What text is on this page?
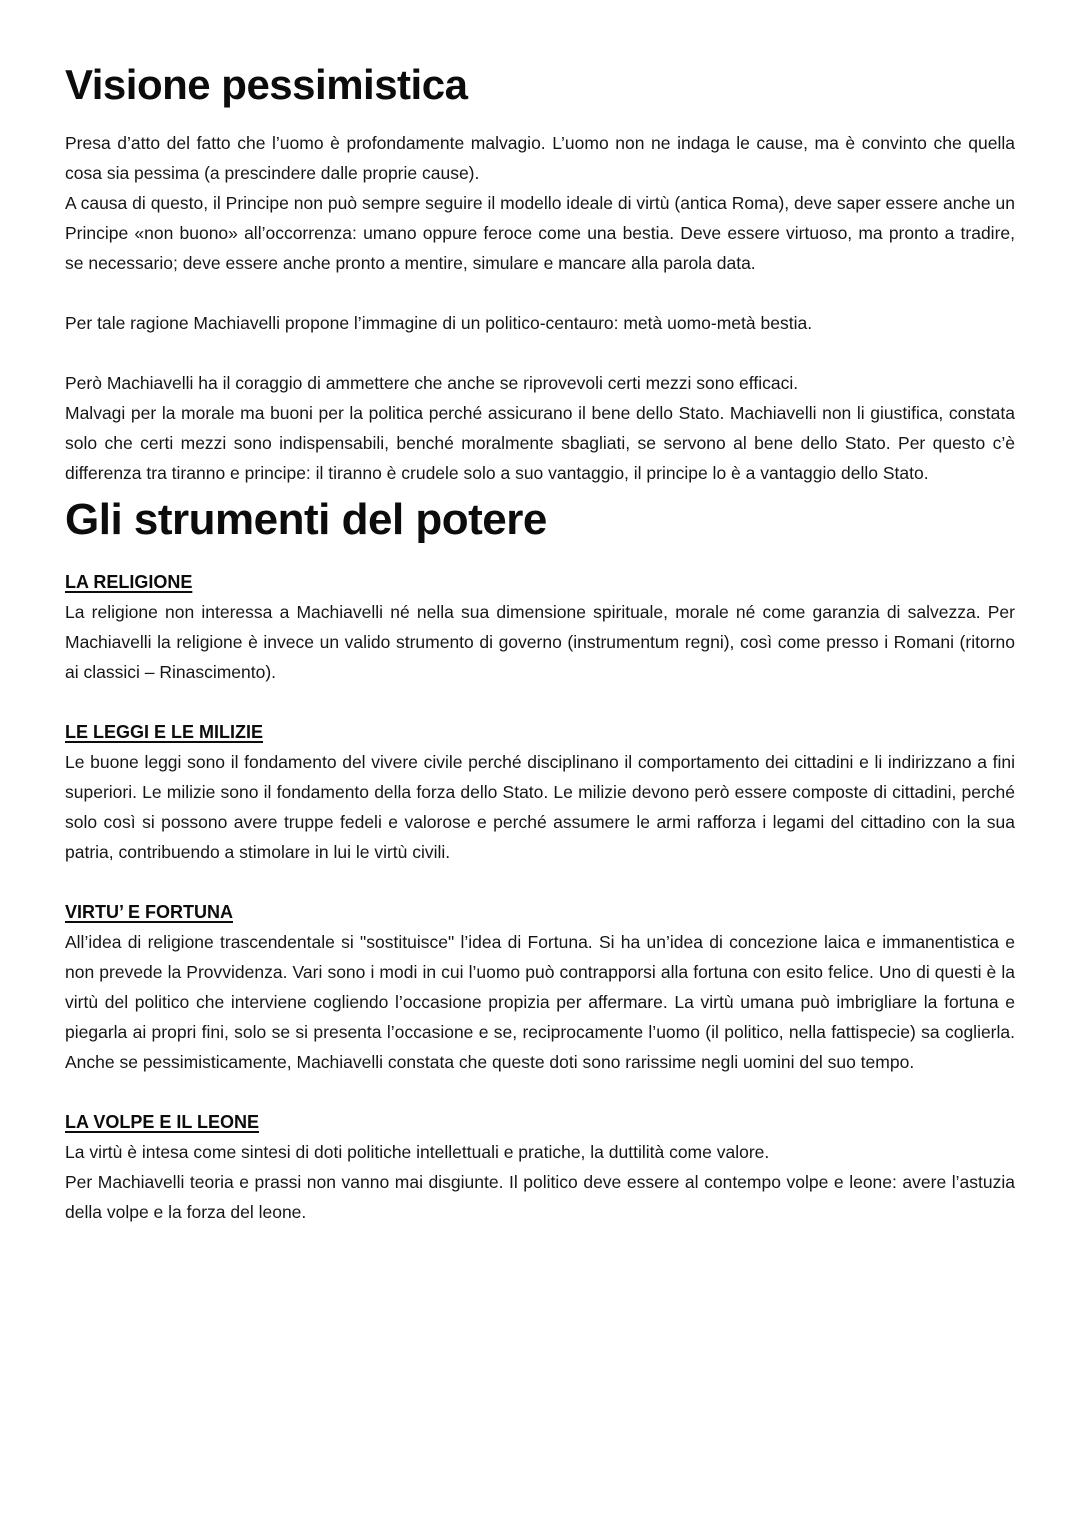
Visione pessimistica

Presa d’atto del fatto che l’uomo è profondamente malvagio. L’uomo non ne indaga le cause, ma è convinto che quella cosa sia pessima (a prescindere dalle proprie cause).

A causa di questo, il Principe non può sempre seguire il modello ideale di virtù (antica Roma), deve saper essere anche un Principe «non buono» all’occorrenza: umano oppure feroce come una bestia. Deve essere virtuoso, ma pronto a tradire, se necessario; deve essere anche pronto a mentire, simulare e mancare alla parola data.

Per tale ragione Machiavelli propone l’immagine di un politico-centauro: metà uomo-metà bestia.

Però Machiavelli ha il coraggio di ammettere che anche se riprovevoli certi mezzi sono efficaci.

Malvagi per la morale ma buoni per la politica perché assicurano il bene dello Stato. Machiavelli non li giustifica, constata solo che certi mezzi sono indispensabili, benché moralmente sbagliati, se servono al bene dello Stato. Per questo c’è differenza tra tiranno e principe: il tiranno è crudele solo a suo vantaggio, il principe lo è a vantaggio dello Stato.

Gli strumenti del potere
LA RELIGIONE

La religione non interessa a Machiavelli né nella sua dimensione spirituale, morale né come garanzia di salvezza. Per Machiavelli la religione è invece un valido strumento di governo (instrumentum regni), così come presso i Romani (ritorno ai classici – Rinascimento).

LE LEGGI E LE MILIZIE

Le buone leggi sono il fondamento del vivere civile perché disciplinano il comportamento dei cittadini e li indirizzano a fini superiori. Le milizie sono il fondamento della forza dello Stato. Le milizie devono però essere composte di cittadini, perché solo così si possono avere truppe fedeli e valorose e perché assumere le armi rafforza i legami del cittadino con la sua patria, contribuendo a stimolare in lui le virtù civili.

VIRTU’ E FORTUNA

All’idea di religione trascendentale si "sostituisce" l’idea di Fortuna. Si ha un’idea di concezione laica e immanentistica e non prevede la Provvidenza. Vari sono i modi in cui l’uomo può contrapporsi alla fortuna con esito felice. Uno di questi è la virtù del politico che interviene cogliendo l’occasione propizia per affermare. La virtù umana può imbrigliare la fortuna e piegarla ai propri fini, solo se si presenta l’occasione e se, reciprocamente l’uomo (il politico, nella fattispecie) sa coglierla. Anche se pessimisticamente, Machiavelli constata che queste doti sono rarissime negli uomini del suo tempo.

LA VOLPE E IL LEONE

La virtù è intesa come sintesi di doti politiche intellettuali e pratiche, la duttilità come valore.

Per Machiavelli teoria e prassi non vanno mai disgiunte. Il politico deve essere al contempo volpe e leone: avere l’astuzia della volpe e la forza del leone.
